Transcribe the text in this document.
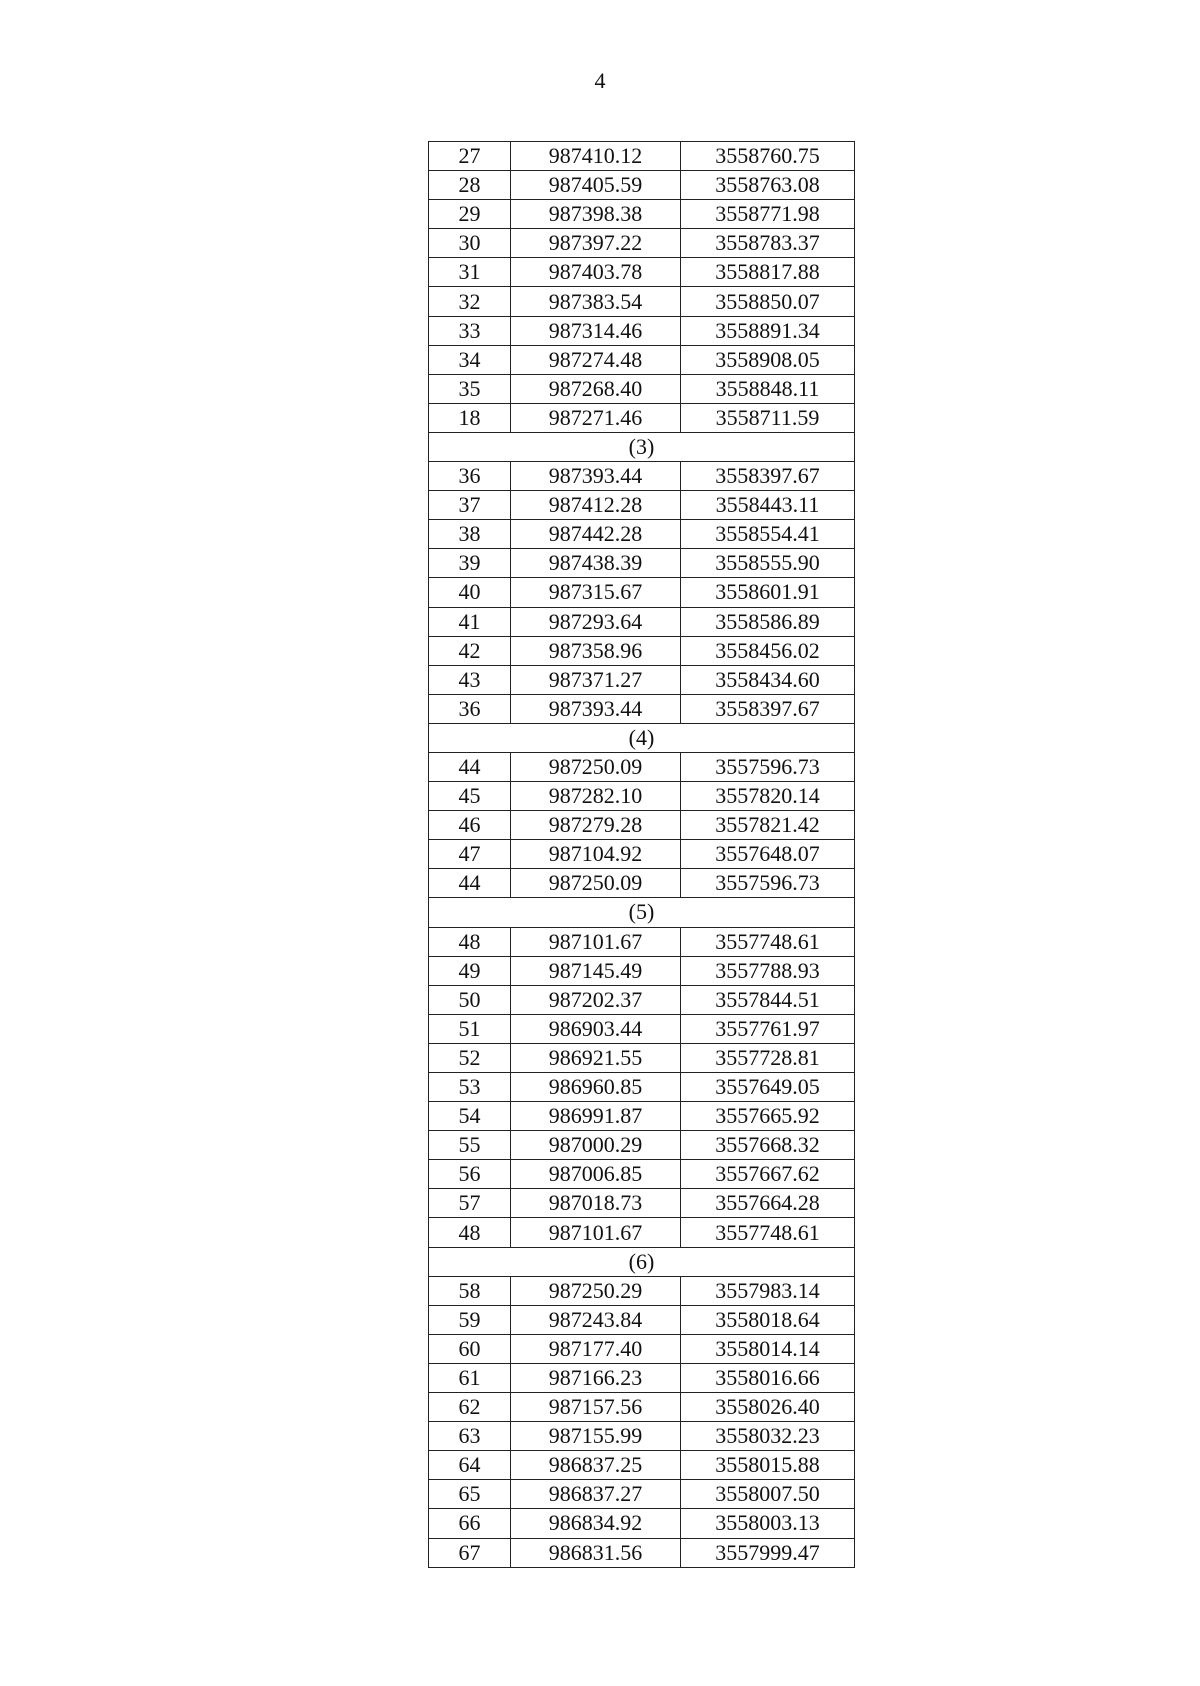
4
27	987410.12	3558760.75
28	987405.59	3558763.08
29	987398.38	3558771.98
30	987397.22	3558783.37
31	987403.78	3558817.88
32	987383.54	3558850.07
33	987314.46	3558891.34
34	987274.48	3558908.05
35	987268.40	3558848.11
18	987271.46	3558711.59
(3)		
36	987393.44	3558397.67
37	987412.28	3558443.11
38	987442.28	3558554.41
39	987438.39	3558555.90
40	987315.67	3558601.91
41	987293.64	3558586.89
42	987358.96	3558456.02
43	987371.27	3558434.60
36	987393.44	3558397.67
(4)		
44	987250.09	3557596.73
45	987282.10	3557820.14
46	987279.28	3557821.42
47	987104.92	3557648.07
44	987250.09	3557596.73
(5)		
48	987101.67	3557748.61
49	987145.49	3557788.93
50	987202.37	3557844.51
51	986903.44	3557761.97
52	986921.55	3557728.81
53	986960.85	3557649.05
54	986991.87	3557665.92
55	987000.29	3557668.32
56	987006.85	3557667.62
57	987018.73	3557664.28
48	987101.67	3557748.61
(6)		
58	987250.29	3557983.14
59	987243.84	3558018.64
60	987177.40	3558014.14
61	987166.23	3558016.66
62	987157.56	3558026.40
63	987155.99	3558032.23
64	986837.25	3558015.88
65	986837.27	3558007.50
66	986834.92	3558003.13
67	986831.56	3557999.47
